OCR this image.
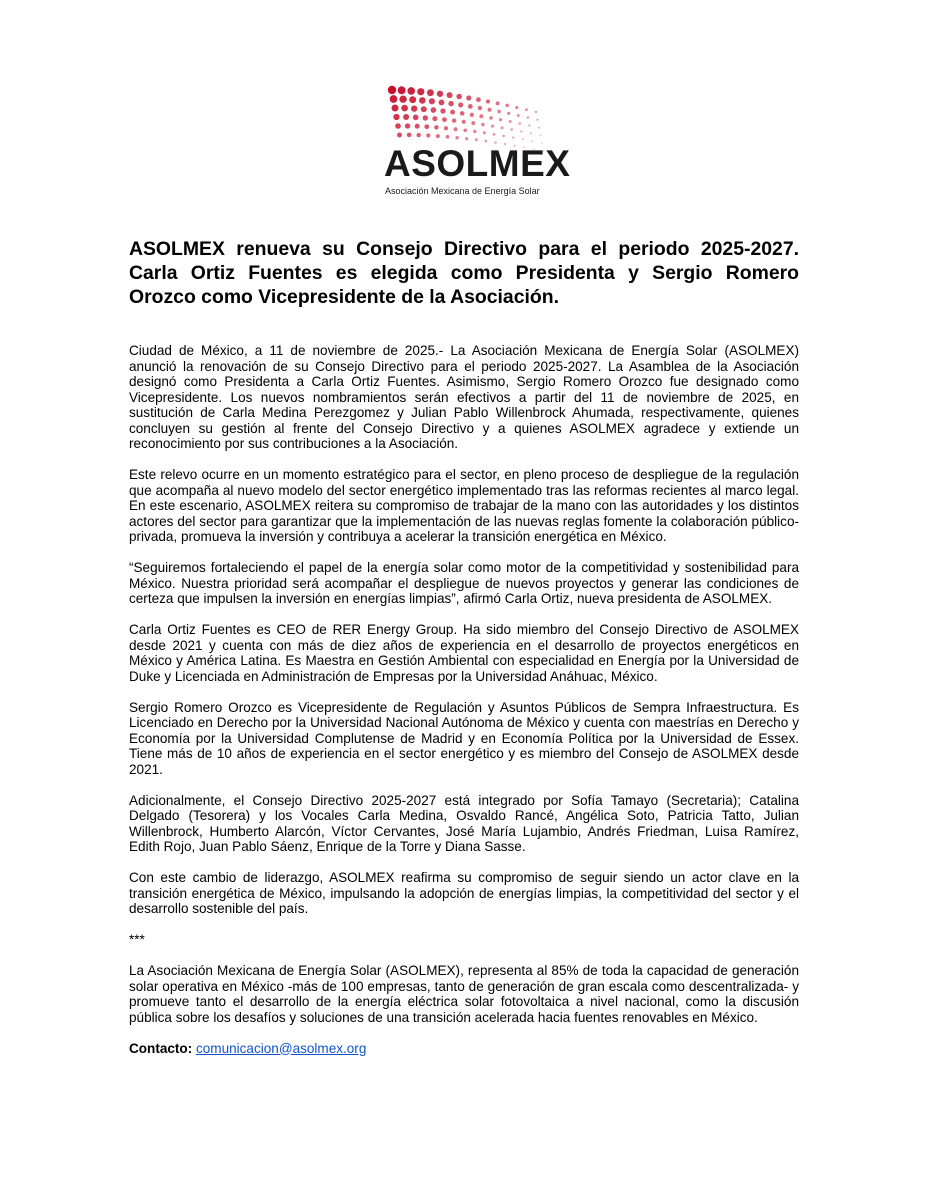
ASOLMEX
Asociación Mexicana de Energía Solar
ASOLMEX renueva su Consejo Directivo para el periodo 2025-2027. Carla Ortiz Fuentes es elegida como Presidenta y Sergio Romero Orozco como Vicepresidente de la Asociación.

Ciudad de México, a 11 de noviembre de 2025.- La Asociación Mexicana de Energía Solar (ASOLMEX) anunció la renovación de su Consejo Directivo para el periodo 2025-2027. La Asamblea de la Asociación designó como Presidenta a Carla Ortiz Fuentes. Asimismo, Sergio Romero Orozco fue designado como Vicepresidente. Los nuevos nombramientos serán efectivos a partir del 11 de noviembre de 2025, en sustitución de Carla Medina Perezgomez y Julian Pablo Willenbrock Ahumada, respectivamente, quienes concluyen su gestión al frente del Consejo Directivo y a quienes ASOLMEX agradece y extiende un reconocimiento por sus contribuciones a la Asociación.

Este relevo ocurre en un momento estratégico para el sector, en pleno proceso de despliegue de la regulación que acompaña al nuevo modelo del sector energético implementado tras las reformas recientes al marco legal. En este escenario, ASOLMEX reitera su compromiso de trabajar de la mano con las autoridades y los distintos actores del sector para garantizar que la implementación de las nuevas reglas fomente la colaboración público-privada, promueva la inversión y contribuya a acelerar la transición energética en México.

“Seguiremos fortaleciendo el papel de la energía solar como motor de la competitividad y sostenibilidad para México. Nuestra prioridad será acompañar el despliegue de nuevos proyectos y generar las condiciones de certeza que impulsen la inversión en energías limpias”, afirmó Carla Ortiz, nueva presidenta de ASOLMEX.

Carla Ortiz Fuentes es CEO de RER Energy Group. Ha sido miembro del Consejo Directivo de ASOLMEX desde 2021 y cuenta con más de diez años de experiencia en el desarrollo de proyectos energéticos en México y América Latina. Es Maestra en Gestión Ambiental con especialidad en Energía por la Universidad de Duke y Licenciada en Administración de Empresas por la Universidad Anáhuac, México.

Sergio Romero Orozco es Vicepresidente de Regulación y Asuntos Públicos de Sempra Infraestructura. Es Licenciado en Derecho por la Universidad Nacional Autónoma de México y cuenta con maestrías en Derecho y Economía por la Universidad Complutense de Madrid y en Economía Política por la Universidad de Essex. Tiene más de 10 años de experiencia en el sector energético y es miembro del Consejo de ASOLMEX desde 2021.

Adicionalmente, el Consejo Directivo 2025-2027 está integrado por Sofía Tamayo (Secretaria); Catalina Delgado (Tesorera) y los Vocales Carla Medina, Osvaldo Rancé, Angélica Soto, Patricia Tatto, Julian Willenbrock, Humberto Alarcón, Víctor Cervantes, José María Lujambio, Andrés Friedman, Luisa Ramírez, Edith Rojo, Juan Pablo Sáenz, Enrique de la Torre y Diana Sasse.

Con este cambio de liderazgo, ASOLMEX reafirma su compromiso de seguir siendo un actor clave en la transición energética de México, impulsando la adopción de energías limpias, la competitividad del sector y el desarrollo sostenible del país.

***

La Asociación Mexicana de Energía Solar (ASOLMEX), representa al 85% de toda la capacidad de generación solar operativa en México -más de 100 empresas, tanto de generación de gran escala como descentralizada- y promueve tanto el desarrollo de la energía eléctrica solar fotovoltaica a nivel nacional, como la discusión pública sobre los desafíos y soluciones de una transición acelerada hacia fuentes renovables en México.

Contacto: comunicacion@asolmex.org
